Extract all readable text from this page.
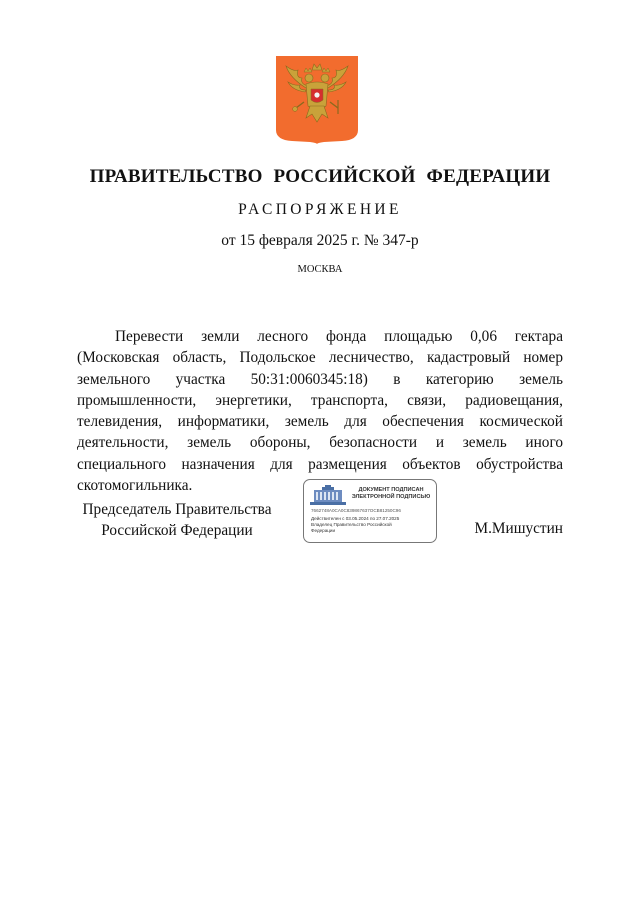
ПРАВИТЕЛЬСТВО РОССИЙСКОЙ ФЕДЕРАЦИИ
РАСПОРЯЖЕНИЕ
от 15 февраля 2025 г. № 347-р
МОСКВА

Перевести земли лесного фонда площадью 0,06 гектара (Московская область, Подольское лесничество, кадастровый номер земельного участка 50:31:0060345:18) в категорию земель промышленности, энергетики, транспорта, связи, радиовещания, телевидения, информатики, земель для обеспечения космической деятельности, земель обороны, безопасности и земель иного специального назначения для размещения объектов обустройства скотомогильника.

Председатель Правительства
Российской Федерации
ДОКУМЕНТ ПОДПИСАН
ЭЛЕКТРОННОЙ ПОДПИСЬЮ
7662748A0CA0C839867637OCB81250C96
Действителен с 03.05.2024 по 27.07.2025
Владелец Правительство Российской
Федерации	М.Мишустин
